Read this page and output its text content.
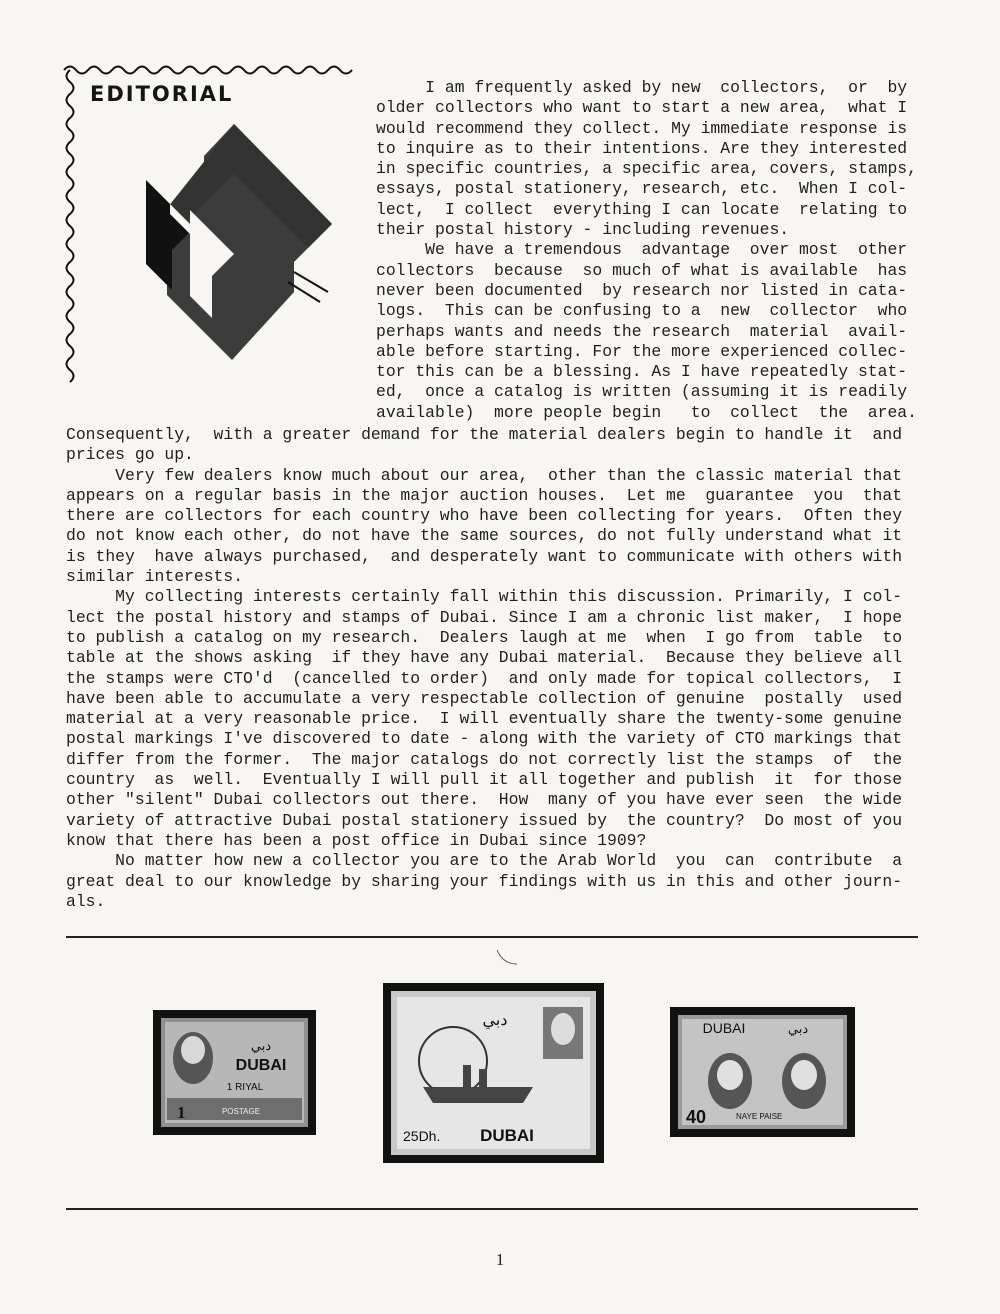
EDITORIAL	I am frequently asked by new  collectors,  or  by
older collectors who want to start a new area,  what I
would recommend they collect. My immediate response is
to inquire as to their intentions. Are they interested
in specific countries, a specific area, covers, stamps,
essays, postal stationery, research, etc.  When I col-
lect,  I collect  everything I can locate  relating to
their postal history - including revenues.
We have a tremendous  advantage  over most  other
collectors  because  so much of what is available  has
never been documented  by research nor listed in cata-
logs.  This can be confusing to a  new  collector  who
perhaps wants and needs the research  material  avail-
able before starting. For the more experienced collec-
tor this can be a blessing. As I have repeatedly stat-
ed,  once a catalog is written (assuming it is readily
available)  more people begin   to  collect  the  area.
Consequently,  with a greater demand for the material dealers begin to handle it  and
prices go up.
Very few dealers know much about our area,  other than the classic material that
appears on a regular basis in the major auction houses.  Let me  guarantee  you  that
there are collectors for each country who have been collecting for years.  Often they
do not know each other, do not have the same sources, do not fully understand what it
is they  have always purchased,  and desperately want to communicate with others with
similar interests.
My collecting interests certainly fall within this discussion. Primarily, I col-
lect the postal history and stamps of Dubai. Since I am a chronic list maker,  I hope
to publish a catalog on my research.  Dealers laugh at me  when  I go from  table  to
table at the shows asking  if they have any Dubai material.  Because they believe all
the stamps were CTO'd  (cancelled to order)  and only made for topical collectors,  I
have been able to accumulate a very respectable collection of genuine  postally  used
material at a very reasonable price.  I will eventually share the twenty-some genuine
postal markings I've discovered to date - along with the variety of CTO markings that
differ from the former.  The major catalogs do not correctly list the stamps  of  the
country  as  well.  Eventually I will pull it all together and publish  it  for those
other "silent" Dubai collectors out there.  How  many of you have ever seen  the wide
variety of attractive Dubai postal stationery issued by  the country?  Do most of you
know that there has been a post office in Dubai since 1909?
No matter how new a collector you are to the Arab World  you  can  contribute  a
great deal to our knowledge by sharing your findings with us in this and other journ-
als.
دبي
DUBAI
1 RIYAL
1	POSTAGE
دبي
25Dh. DUBAI
DUBAI	دبي
40	NAYE PAISE
1
